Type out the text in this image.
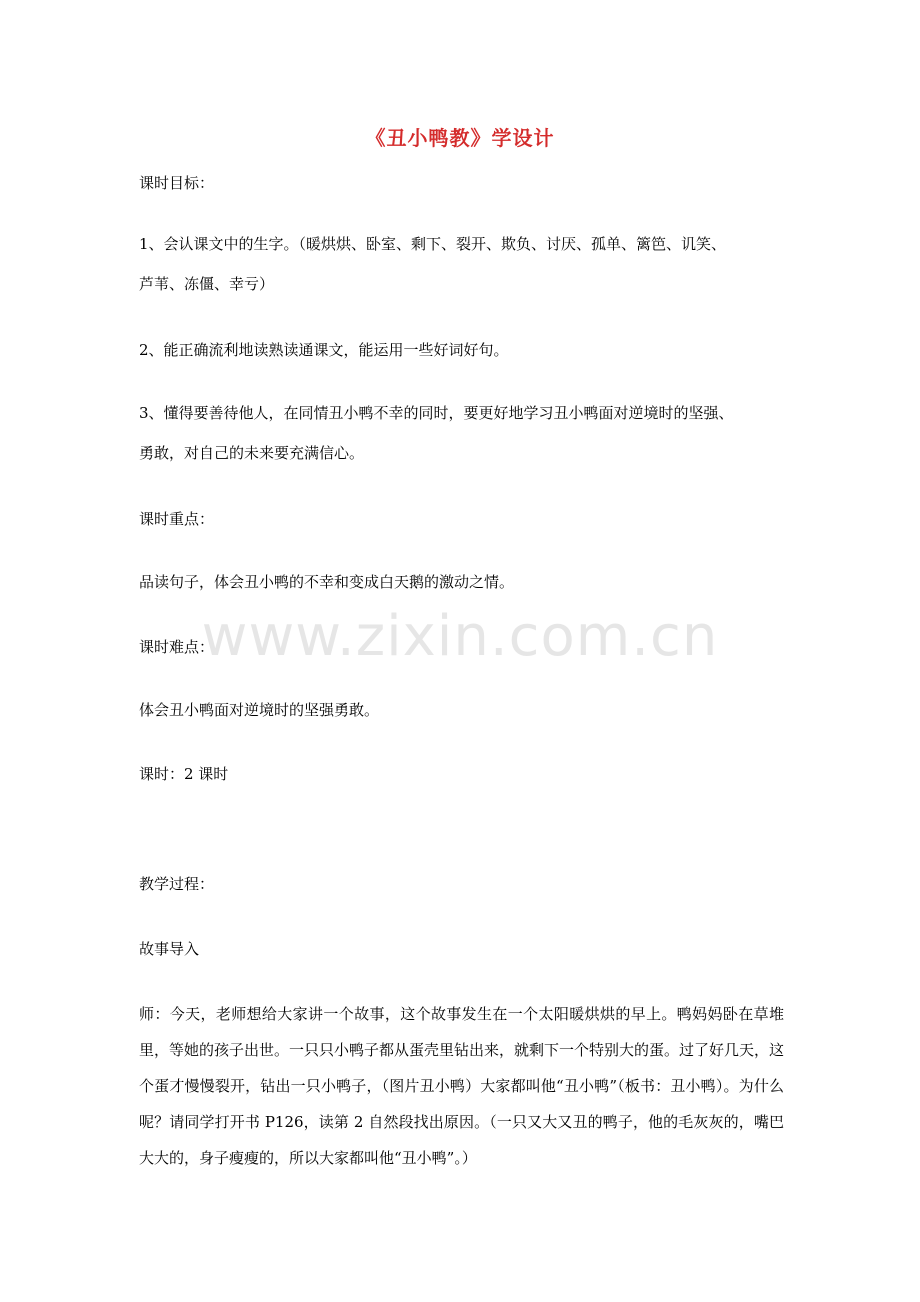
《丑小鸭教》学设计
课时目标：
1、会认课文中的生字。（暖烘烘、卧室、剩下、裂开、欺负、讨厌、孤单、篱笆、讥笑、
芦苇、冻僵、幸亏）
2、能正确流利地读熟读通课文，能运用一些好词好句。
3、懂得要善待他人，在同情丑小鸭不幸的同时，要更好地学习丑小鸭面对逆境时的坚强、
勇敢，对自己的未来要充满信心。
课时重点：
品读句子，体会丑小鸭的不幸和变成白天鹅的激动之情。
课时难点：
体会丑小鸭面对逆境时的坚强勇敢。
课时：2 课时
教学过程：
故事导入
师：今天，老师想给大家讲一个故事，这个故事发生在一个太阳暖烘烘的早上。鸭妈妈卧在草堆里，等她的孩子出世。一只只小鸭子都从蛋壳里钻出来，就剩下一个特别大的蛋。过了好几天，这个蛋才慢慢裂开，钻出一只小鸭子，（图片丑小鸭）大家都叫他“丑小鸭”（板书：丑小鸭）。为什么呢？请同学打开书 P126，读第 2 自然段找出原因。（一只又大又丑的鸭子，他的毛灰灰的，嘴巴大大的，身子瘦瘦的，所以大家都叫他“丑小鸭”。）
www.zixin.com.cn
